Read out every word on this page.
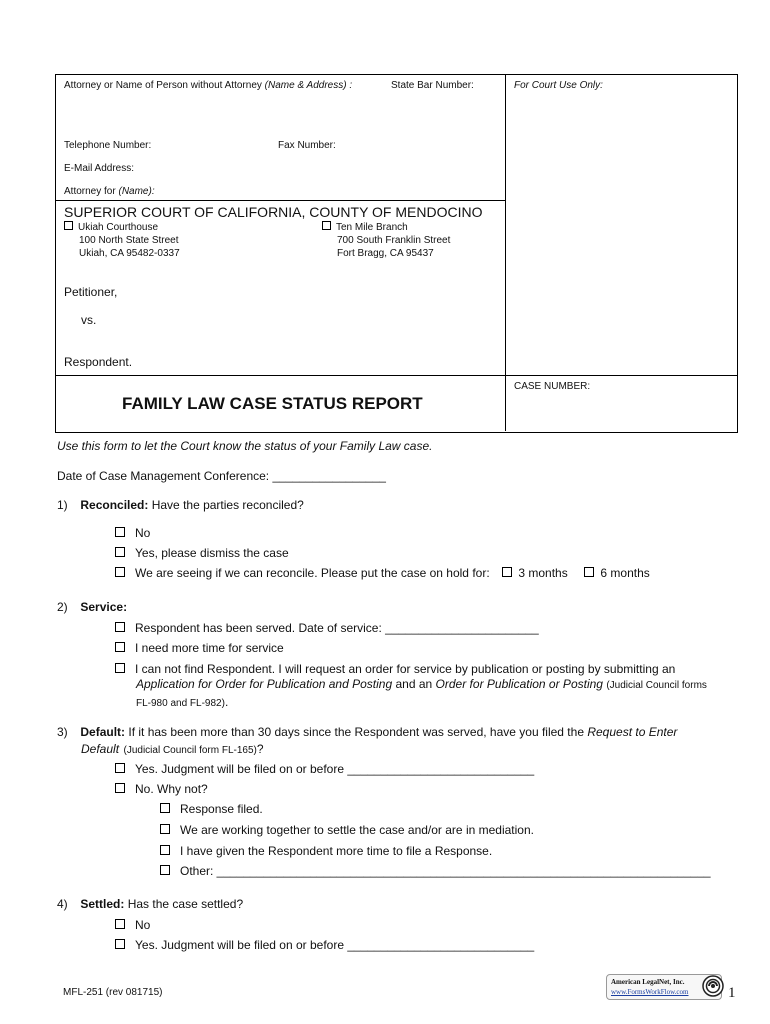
Attorney or Name of Person without Attorney (Name & Address) :	State Bar Number:	For Court Use Only:
Telephone Number:	Fax Number:
E-Mail Address:
Attorney for (Name):
SUPERIOR COURT OF CALIFORNIA, COUNTY OF MENDOCINO
Ukiah Courthouse
100 North State Street
Ukiah, CA 95482-0337
Ten Mile Branch
700 South Franklin Street
Fort Bragg, CA 95437
Petitioner,
vs.
Respondent.
CASE NUMBER:
FAMILY LAW CASE STATUS REPORT
Use this form to let the Court know the status of your Family Law case.
Date of Case Management Conference: _________________
1) Reconciled: Have the parties reconciled?
No
Yes, please dismiss the case
We are seeing if we can reconcile. Please put the case on hold for: 3 months	6 months
2) Service:
Respondent has been served. Date of service: _______________________
I need more time for service
I can not find Respondent. I will request an order for service by publication or posting by submitting an
Application for Order for Publication and Posting and an Order for Publication or Posting (Judicial Council forms
FL-980 and FL-982).
3) Default: If it has been more than 30 days since the Respondent was served, have you filed the Request to Enter
Default (Judicial Council form FL-165)?
Yes. Judgment will be filed on or before ____________________________
No. Why not?
Response filed.
We are working together to settle the case and/or are in mediation.
I have given the Respondent more time to file a Response.
Other: __________________________________________________________________________
4) Settled: Has the case settled?
No
Yes. Judgment will be filed on or before ____________________________
MFL-251 (rev 081715)
American LegalNet, Inc.
www.FormsWorkFlow.com	1
